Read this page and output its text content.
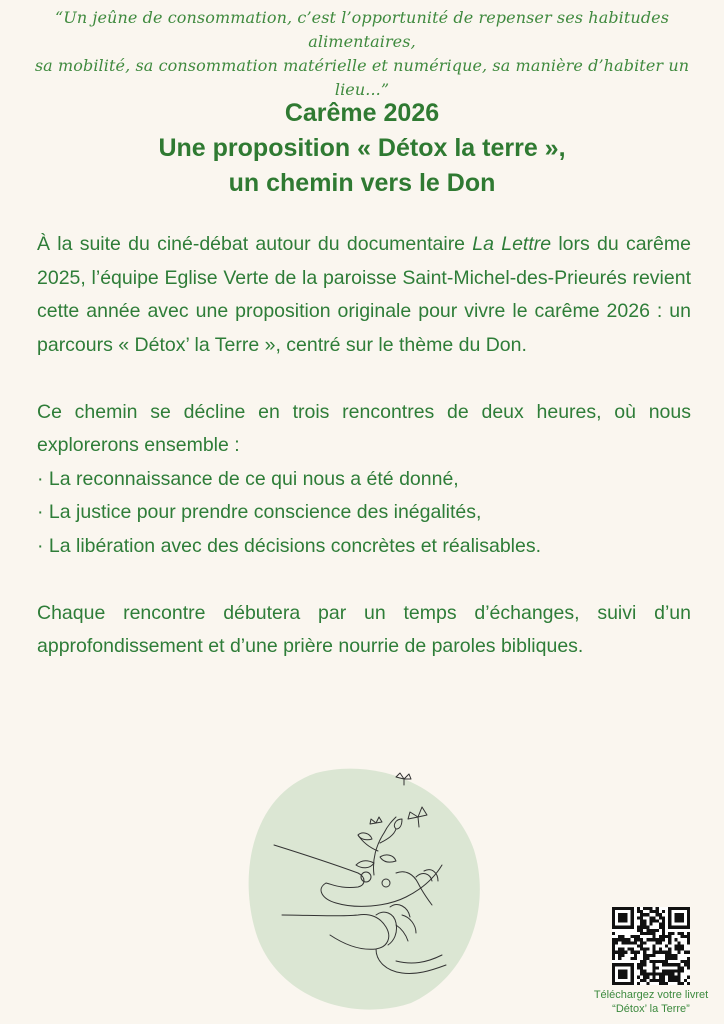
“Un jeûne de consommation, c’est l’opportunité de repenser ses habitudes alimentaires,
sa mobilité, sa consommation matérielle et numérique, sa manière d’habiter un lieu...”
Carême 2026
Une proposition « Détox la terre »,
un chemin vers le Don

À la suite du ciné-débat autour du documentaire La Lettre lors du carême 2025, l’équipe Eglise Verte de la paroisse Saint-Michel-des-Prieurés revient cette année avec une proposition originale pour vivre le carême 2026 : un parcours « Détox’ la Terre », centré sur le thème du Don.

Ce chemin se décline en trois rencontres de deux heures, où nous explorerons ensemble :

· La reconnaissance de ce qui nous a été donné,
· La justice pour prendre conscience des inégalités,
· La libération avec des décisions concrètes et réalisables.

Chaque rencontre débutera par un temps d’échanges, suivi d’un approfondissement et d’une prière nourrie de paroles bibliques.

Téléchargez votre livret
“Détox’ la Terre”
